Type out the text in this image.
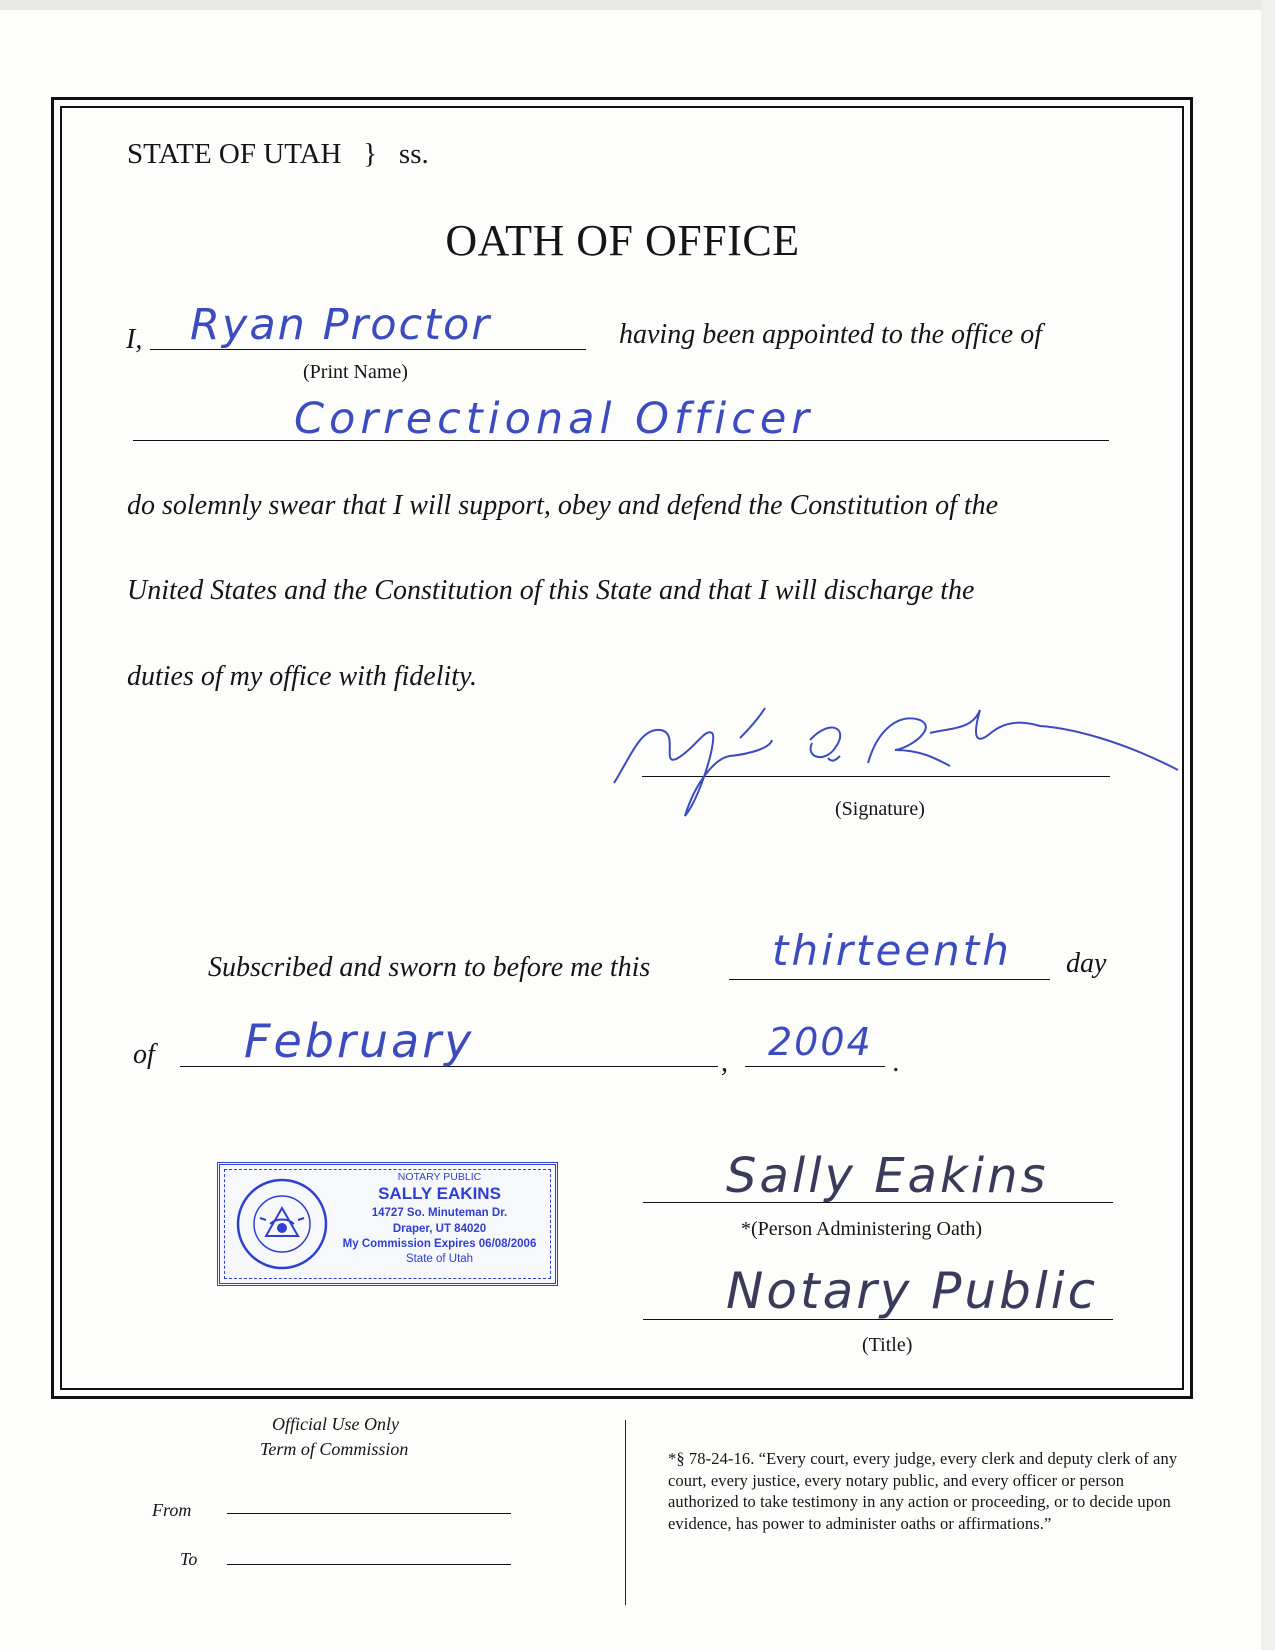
STATE OF UTAH } ss.
OATH OF OFFICE
I, Ryan Proctor
(Print Name)
having been appointed to the office of
Correctional Officer
do solemnly swear that I will support, obey and defend the Constitution of the
United States and the Constitution of this State and that I will discharge the
duties of my office with fidelity.
(Signature)
Subscribed and sworn to before me this	thirteenth day
of February	, 2004 .
NOTARY PUBLIC
SALLY EAKINS
14727 So. Minuteman Dr.
Draper, UT 84020
My Commission Expires 06/08/2006
State of Utah
Sally Eakins
*(Person Administering Oath)
Notary Public
(Title)
Official Use Only
Term of Commission
From
To

*§ 78-24-16. “Every court, every judge, every clerk and deputy clerk of any court, every justice, every notary public, and every officer or person authorized to take testimony in any action or proceeding, or to decide upon evidence, has power to administer oaths or affirmations.”
